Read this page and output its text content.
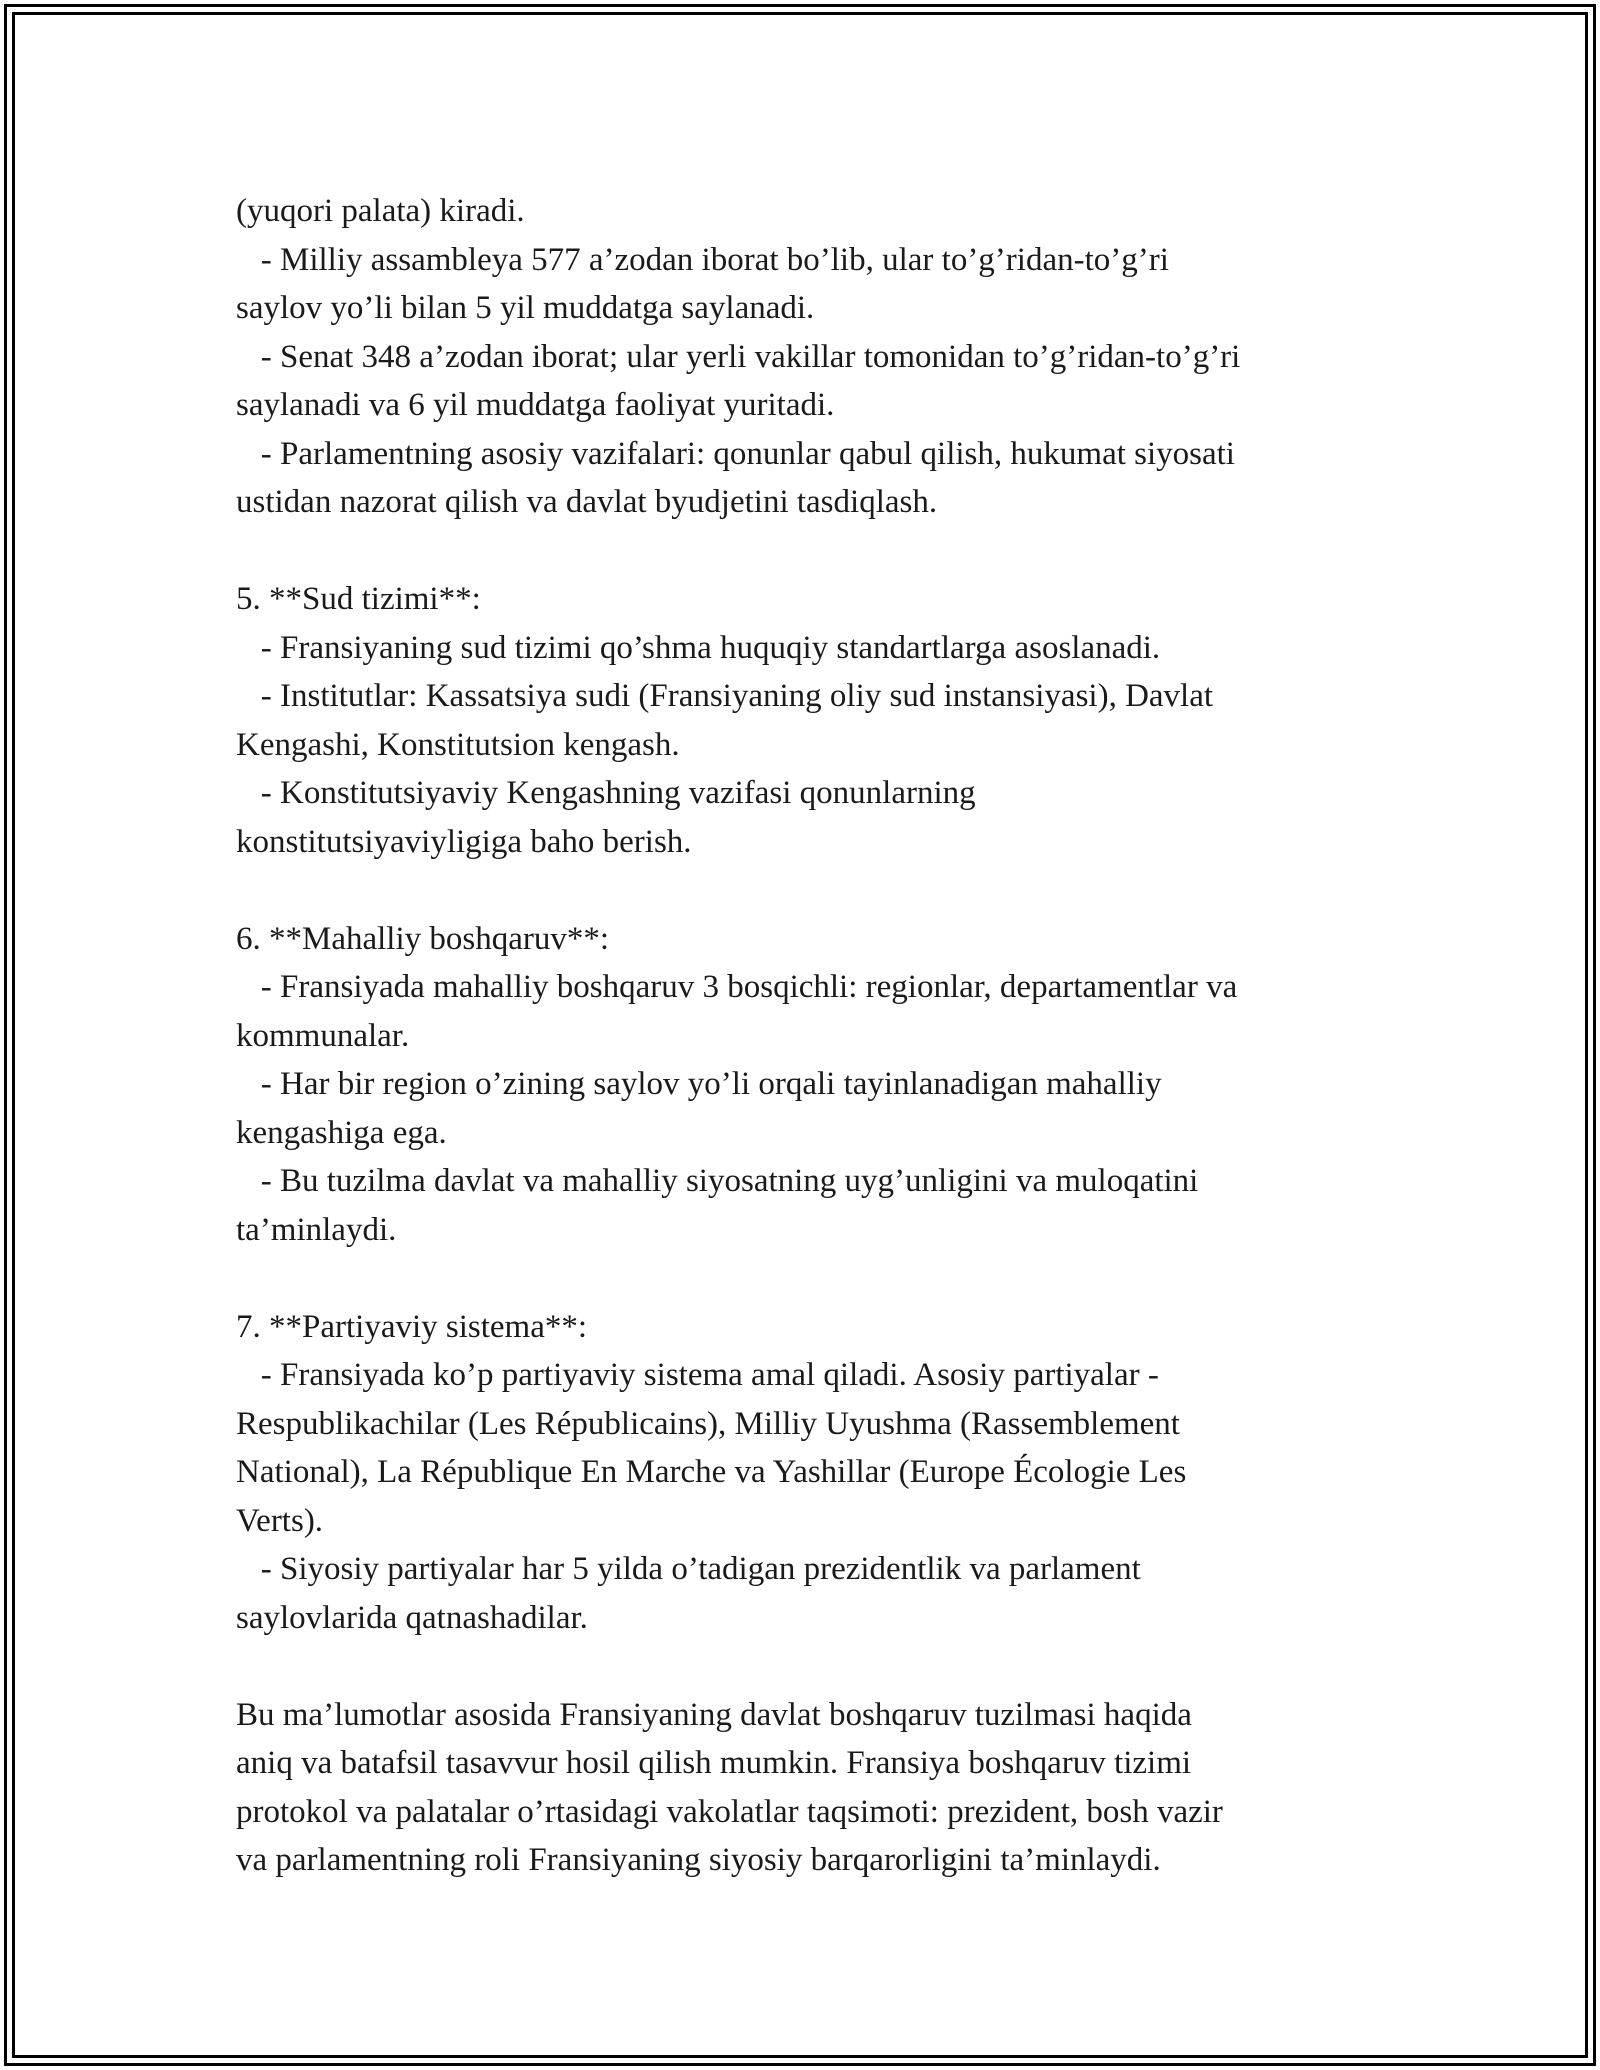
(yuqori palata) kiradi.

- Milliy assambleya 577 a’zodan iborat bo’lib, ular to’g’ridan-to’g’ri

saylov yo’li bilan 5 yil muddatga saylanadi.

- Senat 348 a’zodan iborat; ular yerli vakillar tomonidan to’g’ridan-to’g’ri

saylanadi va 6 yil muddatga faoliyat yuritadi.

- Parlamentning asosiy vazifalari: qonunlar qabul qilish, hukumat siyosati

ustidan nazorat qilish va davlat byudjetini tasdiqlash.

5. **Sud tizimi**:

- Fransiyaning sud tizimi qo’shma huquqiy standartlarga asoslanadi.

- Institutlar: Kassatsiya sudi (Fransiyaning oliy sud instansiyasi), Davlat

Kengashi, Konstitutsion kengash.

- Konstitutsiyaviy Kengashning vazifasi qonunlarning

konstitutsiyaviyligiga baho berish.

6. **Mahalliy boshqaruv**:

- Fransiyada mahalliy boshqaruv 3 bosqichli: regionlar, departamentlar va

kommunalar.

- Har bir region o’zining saylov yo’li orqali tayinlanadigan mahalliy

kengashiga ega.

- Bu tuzilma davlat va mahalliy siyosatning uyg’unligini va muloqatini

ta’minlaydi.

7. **Partiyaviy sistema**:

- Fransiyada ko’p partiyaviy sistema amal qiladi. Asosiy partiyalar -

Respublikachilar (Les Républicains), Milliy Uyushma (Rassemblement

National), La République En Marche va Yashillar (Europe Écologie Les

Verts).

- Siyosiy partiyalar har 5 yilda o’tadigan prezidentlik va parlament

saylovlarida qatnashadilar.

Bu ma’lumotlar asosida Fransiyaning davlat boshqaruv tuzilmasi haqida

aniq va batafsil tasavvur hosil qilish mumkin. Fransiya boshqaruv tizimi

protokol va palatalar o’rtasidagi vakolatlar taqsimoti: prezident, bosh vazir

va parlamentning roli Fransiyaning siyosiy barqarorligini ta’minlaydi.
